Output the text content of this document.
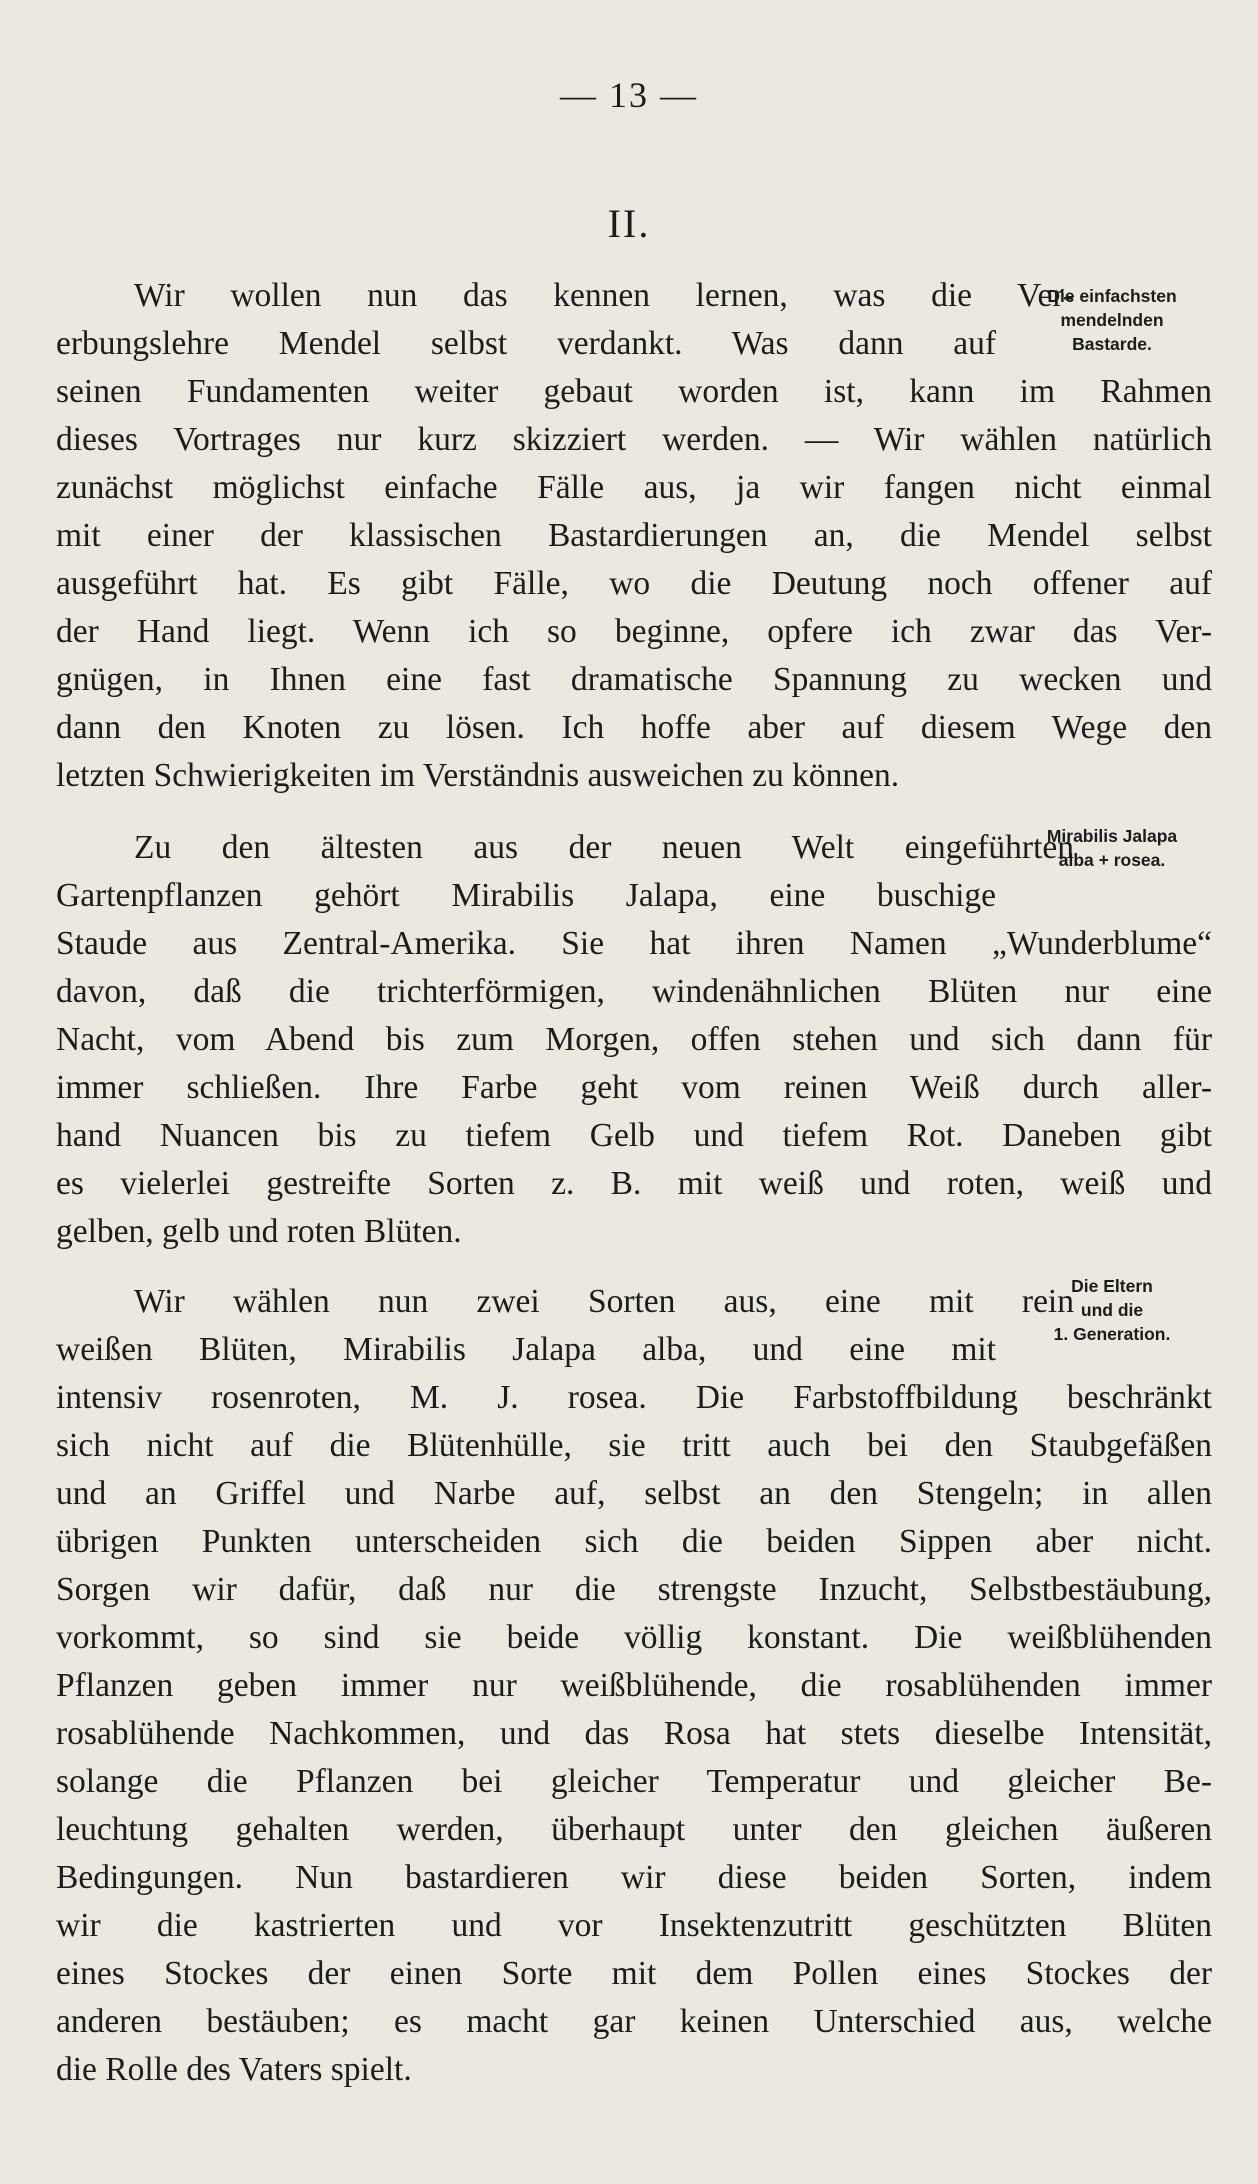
— 13 —
II.
Die einfachsten
mendelnden
Bastarde.
Mirabilis Jalapa
alba + rosea.
Die Eltern
und die
1. Generation.
Wir wollen nun das kennen lernen, was die Ver-
erbungslehre Mendel selbst verdankt. Was dann auf
seinen Fundamenten weiter gebaut worden ist, kann im Rahmen
dieses Vortrages nur kurz skizziert werden. — Wir wählen natürlich
zunächst möglichst einfache Fälle aus, ja wir fangen nicht einmal
mit einer der klassischen Bastardierungen an, die Mendel selbst
ausgeführt hat. Es gibt Fälle, wo die Deutung noch offener auf
der Hand liegt. Wenn ich so beginne, opfere ich zwar das Ver-
gnügen, in Ihnen eine fast dramatische Spannung zu wecken und
dann den Knoten zu lösen. Ich hoffe aber auf diesem Wege den
letzten Schwierigkeiten im Verständnis ausweichen zu können.
Zu den ältesten aus der neuen Welt eingeführten
Gartenpflanzen gehört Mirabilis Jalapa, eine buschige
Staude aus Zentral-Amerika. Sie hat ihren Namen „Wunderblume“
davon, daß die trichterförmigen, windenähnlichen Blüten nur eine
Nacht, vom Abend bis zum Morgen, offen stehen und sich dann für
immer schließen. Ihre Farbe geht vom reinen Weiß durch aller-
hand Nuancen bis zu tiefem Gelb und tiefem Rot. Daneben gibt
es vielerlei gestreifte Sorten z. B. mit weiß und roten, weiß und
gelben, gelb und roten Blüten.
Wir wählen nun zwei Sorten aus, eine mit rein
weißen Blüten, Mirabilis Jalapa alba, und eine mit
intensiv rosenroten, M. J. rosea. Die Farbstoffbildung beschränkt
sich nicht auf die Blütenhülle, sie tritt auch bei den Staubgefäßen
und an Griffel und Narbe auf, selbst an den Stengeln; in allen
übrigen Punkten unterscheiden sich die beiden Sippen aber nicht.
Sorgen wir dafür, daß nur die strengste Inzucht, Selbstbestäubung,
vorkommt, so sind sie beide völlig konstant. Die weißblühenden
Pflanzen geben immer nur weißblühende, die rosablühenden immer
rosablühende Nachkommen, und das Rosa hat stets dieselbe Intensität,
solange die Pflanzen bei gleicher Temperatur und gleicher Be-
leuchtung gehalten werden, überhaupt unter den gleichen äußeren
Bedingungen. Nun bastardieren wir diese beiden Sorten, indem
wir die kastrierten und vor Insektenzutritt geschützten Blüten
eines Stockes der einen Sorte mit dem Pollen eines Stockes der
anderen bestäuben; es macht gar keinen Unterschied aus, welche
die Rolle des Vaters spielt.
